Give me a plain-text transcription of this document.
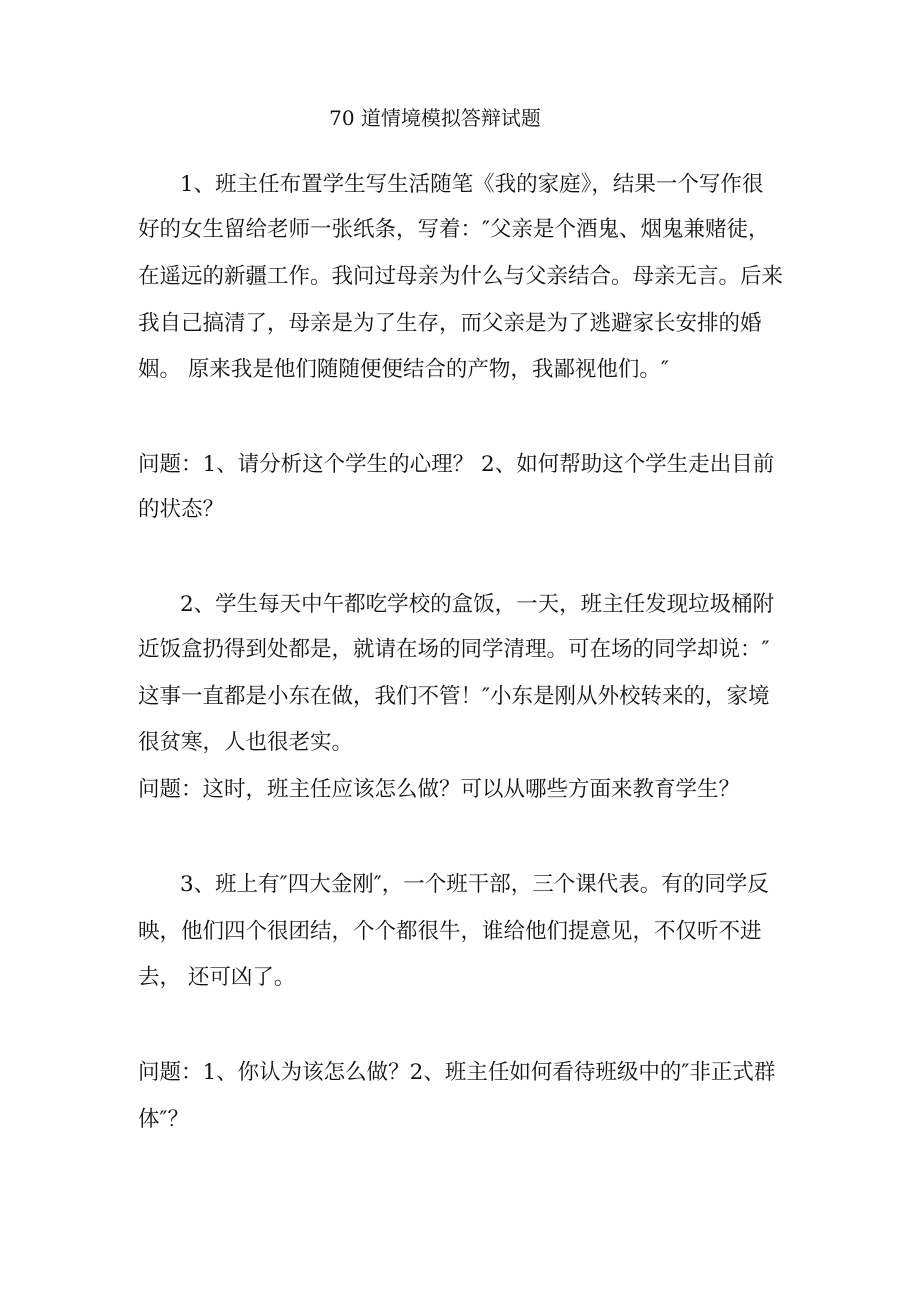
70 道情境模拟答辩试题
1、班主任布置学生写生活随笔《我的家庭》，结果一个写作很
好的女生留给老师一张纸条，写着：″父亲是个酒鬼、烟鬼兼赌徒，
在遥远的新疆工作。我问过母亲为什么与父亲结合。母亲无言。后来
我自己搞清了，母亲是为了生存，而父亲是为了逃避家长安排的婚
姻。 原来我是他们随随便便结合的产物，我鄙视他们。″
问题：1、请分析这个学生的心理？ 2、如何帮助这个学生走出目前
的状态？
2、学生每天中午都吃学校的盒饭，一天，班主任发现垃圾桶附
近饭盒扔得到处都是，就请在场的同学清理。可在场的同学却说：″
这事一直都是小东在做，我们不管！″小东是刚从外校转来的，家境
很贫寒，人也很老实。
问题：这时，班主任应该怎么做？可以从哪些方面来教育学生？
3、班上有″四大金刚″，一个班干部，三个课代表。有的同学反
映，他们四个很团结，个个都很牛，谁给他们提意见，不仅听不进
去， 还可凶了。
问题：1、你认为该怎么做？2、班主任如何看待班级中的″非正式群
体″？
